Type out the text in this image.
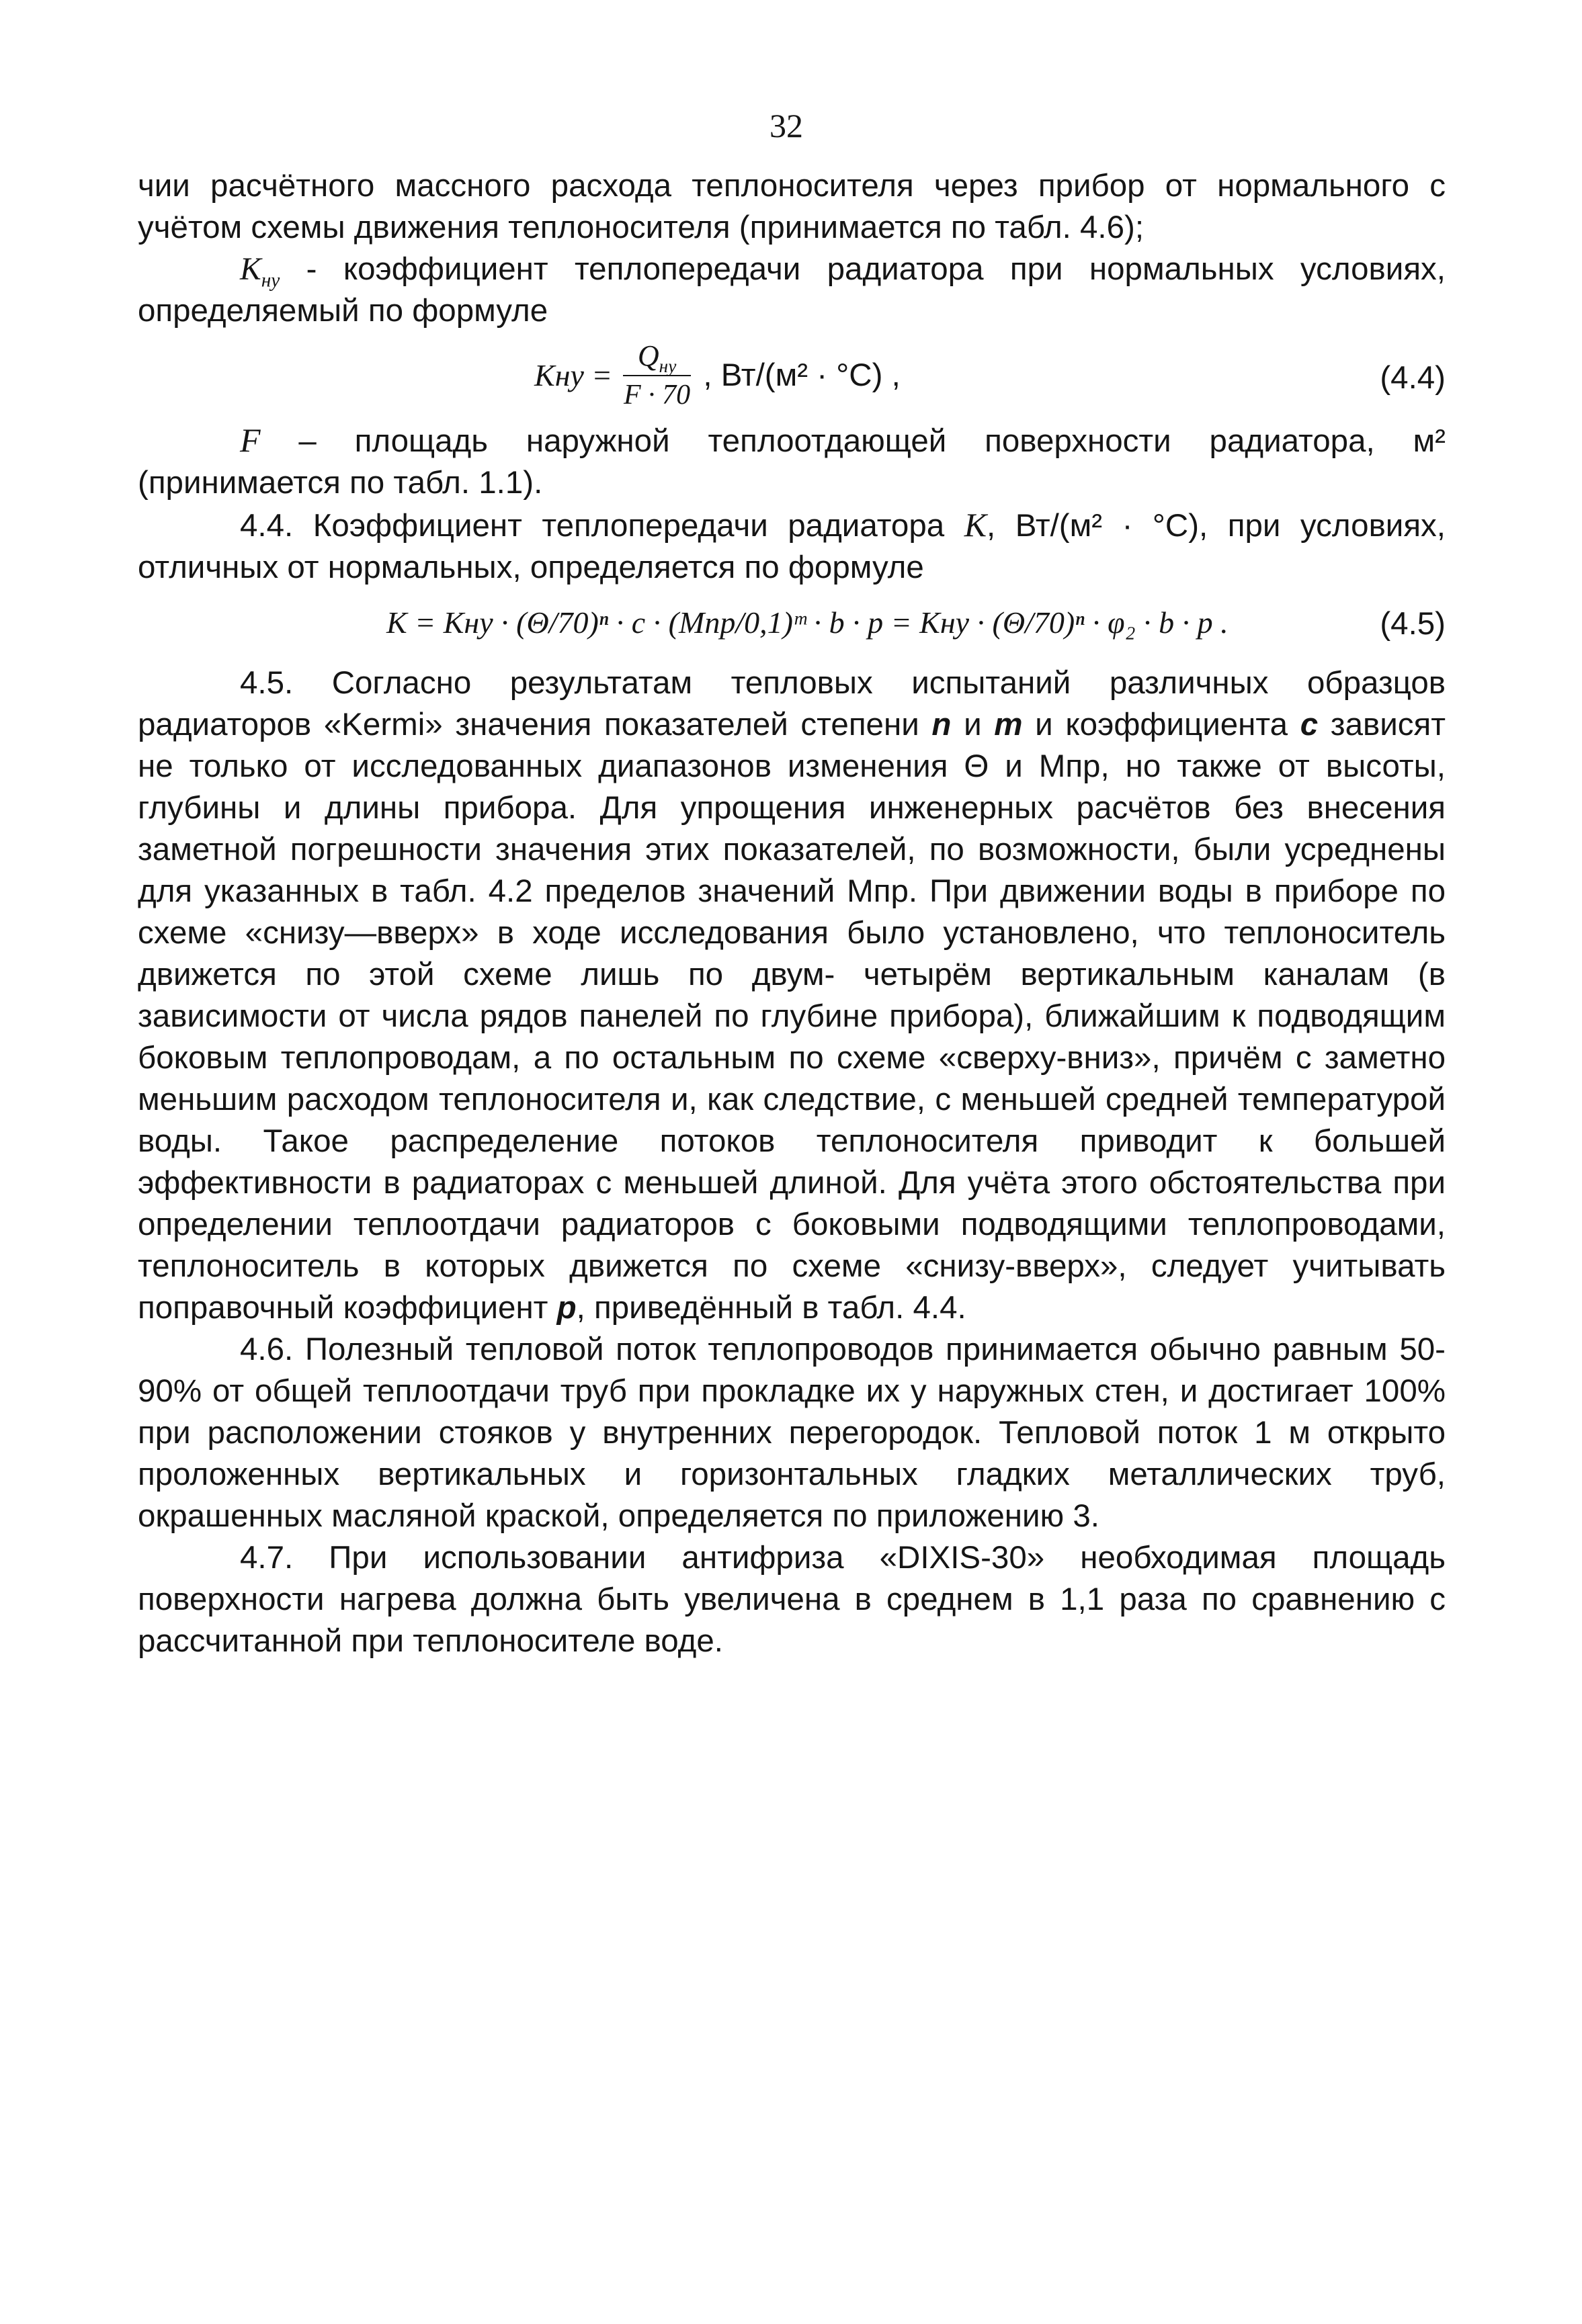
32

чии расчётного массного расхода теплоносителя через прибор от нормального с учётом схемы движения теплоносителя (принимается по табл. 4.6);

$K_{ну}$ - коэффициент теплопередачи радиатора при нормальных условиях, определяемый по формуле

K ну = $\frac{Q_{ну}}{F \cdot 70}$ , Вт/(м² · °С) ,	(4.4)

F – площадь наружной теплоотдающей поверхности радиатора, м² (принимается по табл. 1.1).

4.4. Коэффициент теплопередачи радиатора K, Вт/(м² · °С), при условиях, отличных от нормальных, определяется по формуле

K = Kну · (Θ/70)ⁿ · c · (Mпр/0,1)ᵐ · b · p = Kну · (Θ/70)ⁿ · φ₂ · b · p .	(4.5)

4.5. Согласно результатам тепловых испытаний различных образцов радиаторов «Kermi» значения показателей степени n и m и коэффициента c зависят не только от исследованных диапазонов изменения Θ и Mпр, но также от высоты, глубины и длины прибора. Для упрощения инженерных расчётов без внесения заметной погрешности значения этих показателей, по возможности, были усреднены для указанных в табл. 4.2 пределов значений Mпр. При движении воды в приборе по схеме «снизу—вверх» в ходе исследования было установлено, что теплоноситель движется по этой схеме лишь по двум- четырём вертикальным каналам (в зависимости от числа рядов панелей по глубине прибора), ближайшим к подводящим боковым теплопроводам, а по остальным по схеме «сверху-вниз», причём с заметно меньшим расходом теплоносителя и, как следствие, с меньшей средней температурой воды. Такое распределение потоков теплоносителя приводит к большей эффективности в радиаторах с меньшей длиной. Для учёта этого обстоятельства при определении теплоотдачи радиаторов с боковыми подводящими теплопроводами, теплоноситель в которых движется по схеме «снизу-вверх», следует учитывать поправочный коэффициент p, приведённый в табл. 4.4.

4.6. Полезный тепловой поток теплопроводов принимается обычно равным 50-90% от общей теплоотдачи труб при прокладке их у наружных стен, и достигает 100% при расположении стояков у внутренних перегородок. Тепловой поток 1 м открыто проложенных вертикальных и горизонтальных гладких металлических труб, окрашенных масляной краской, определяется по приложению 3.

4.7. При использовании антифриза «DIXIS-30» необходимая площадь поверхности нагрева должна быть увеличена в среднем в 1,1 раза по сравнению с рассчитанной при теплоносителе воде.
